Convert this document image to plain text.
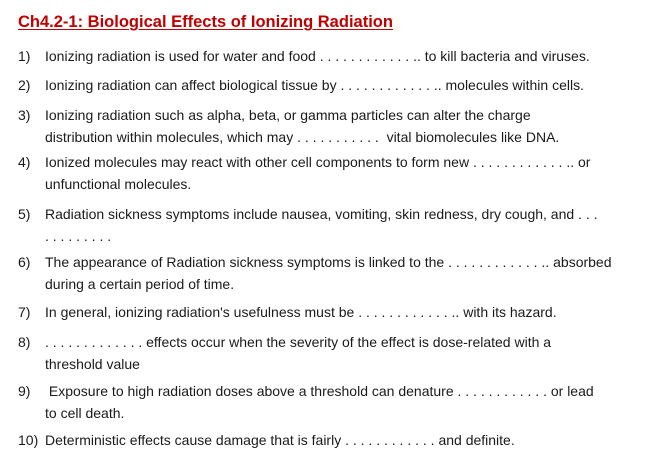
Ch4.2-1: Biological Effects of Ionizing Radiation
1) Ionizing radiation is used for water and food . . . . . . . . . . . . .. to kill bacteria and viruses.
2) Ionizing radiation can affect biological tissue by . . . . . . . . . . . . .. molecules within cells.
3) Ionizing radiation such as alpha, beta, or gamma particles can alter the charge
distribution within molecules, which may . . . . . . . . . . .  vital biomolecules like DNA.
4) Ionized molecules may react with other cell components to form new . . . . . . . . . . . . .. or
unfunctional molecules.
5) Radiation sickness symptoms include nausea, vomiting, skin redness, dry cough, and . . .
. . . . . . . . .
6) The appearance of Radiation sickness symptoms is linked to the . . . . . . . . . . . . .. absorbed
during a certain period of time.
7) In general, ionizing radiation's usefulness must be . . . . . . . . . . . . .. with its hazard.
8) . . . . . . . . . . . . . effects occur when the severity of the effect is dose-related with a
threshold value
9) Exposure to high radiation doses above a threshold can denature . . . . . . . . . . . . or lead
to cell death.
10) Deterministic effects cause damage that is fairly . . . . . . . . . . . . and definite.
